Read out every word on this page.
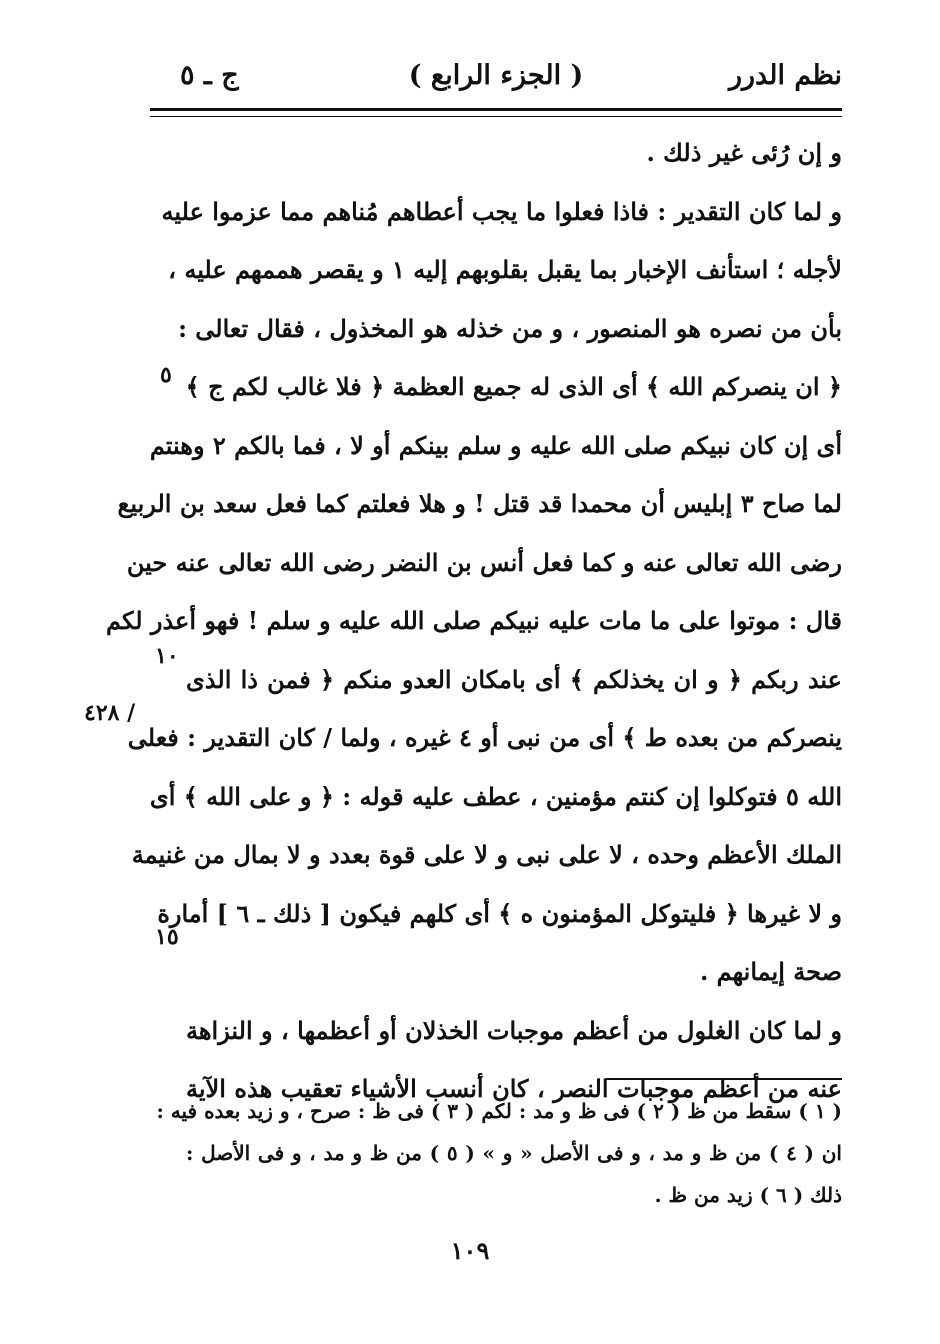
ج ـ ٥	( الجزء الرابع )	نظم الدرر
و إن رُئى غير ذلك .
و لما كان التقدير : فاذا فعلوا ما يجب أعطاهم مُناهم مما عزموا عليه
لأجله ؛ استأنف الإخبار بما يقبل بقلوبهم إليه ١ و يقصر هممهم عليه ،
بأن من نصره هو المنصور ، و من خذله هو المخذول ، فقال تعالى :
﴿ ان ينصركم الله ﴾ أى الذى له جميع العظمة ﴿ فلا غالب لكم ج ﴾
أى إن كان نبيكم صلى الله عليه و سلم بينكم أو لا ، فما بالكم ٢ وهنتم
لما صاح ٣ إبليس أن محمدا قد قتل ! و هلا فعلتم كما فعل سعد بن الربيع
رضى الله تعالى عنه و كما فعل أنس بن النضر رضى الله تعالى عنه حين
قال : موتوا على ما مات عليه نبيكم صلى الله عليه و سلم ! فهو أعذر لكم
عند ربكم ﴿ و ان يخذلكم ﴾ أى بامكان العدو منكم ﴿ فمن ذا الذى
ينصركم من بعده ط ﴾ أى من نبى أو ٤ غيره ، ولما / كان التقدير : فعلى
الله ٥ فتوكلوا إن كنتم مؤمنين ، عطف عليه قوله : ﴿ و على الله ﴾ أى
الملك الأعظم وحده ، لا على نبى و لا على قوة بعدد و لا بمال من غنيمة
و لا غيرها ﴿ فليتوكل المؤمنون ه ﴾ أى كلهم فيكون [ ذلك ـ ٦ ] أمارة
صحة إيمانهم .
و لما كان الغلول من أعظم موجبات الخذلان أو أعظمها ، و النزاهة
عنه من أعظم موجبات النصر ، كان أنسب الأشياء تعقيب هذه الآية
٥
١٠
١٥
/ ٤٢٨
( ١ ) سقط من ظ ( ٢ ) فى ظ و مد : لكم ( ٣ ) فى ظ : صرح ، و زيد بعده فيه :
ان ( ٤ ) من ظ و مد ، و فى الأصل « و » ( ٥ ) من ظ و مد ، و فى الأصل :
ذلك ( ٦ ) زيد من ظ .
١٠٩
